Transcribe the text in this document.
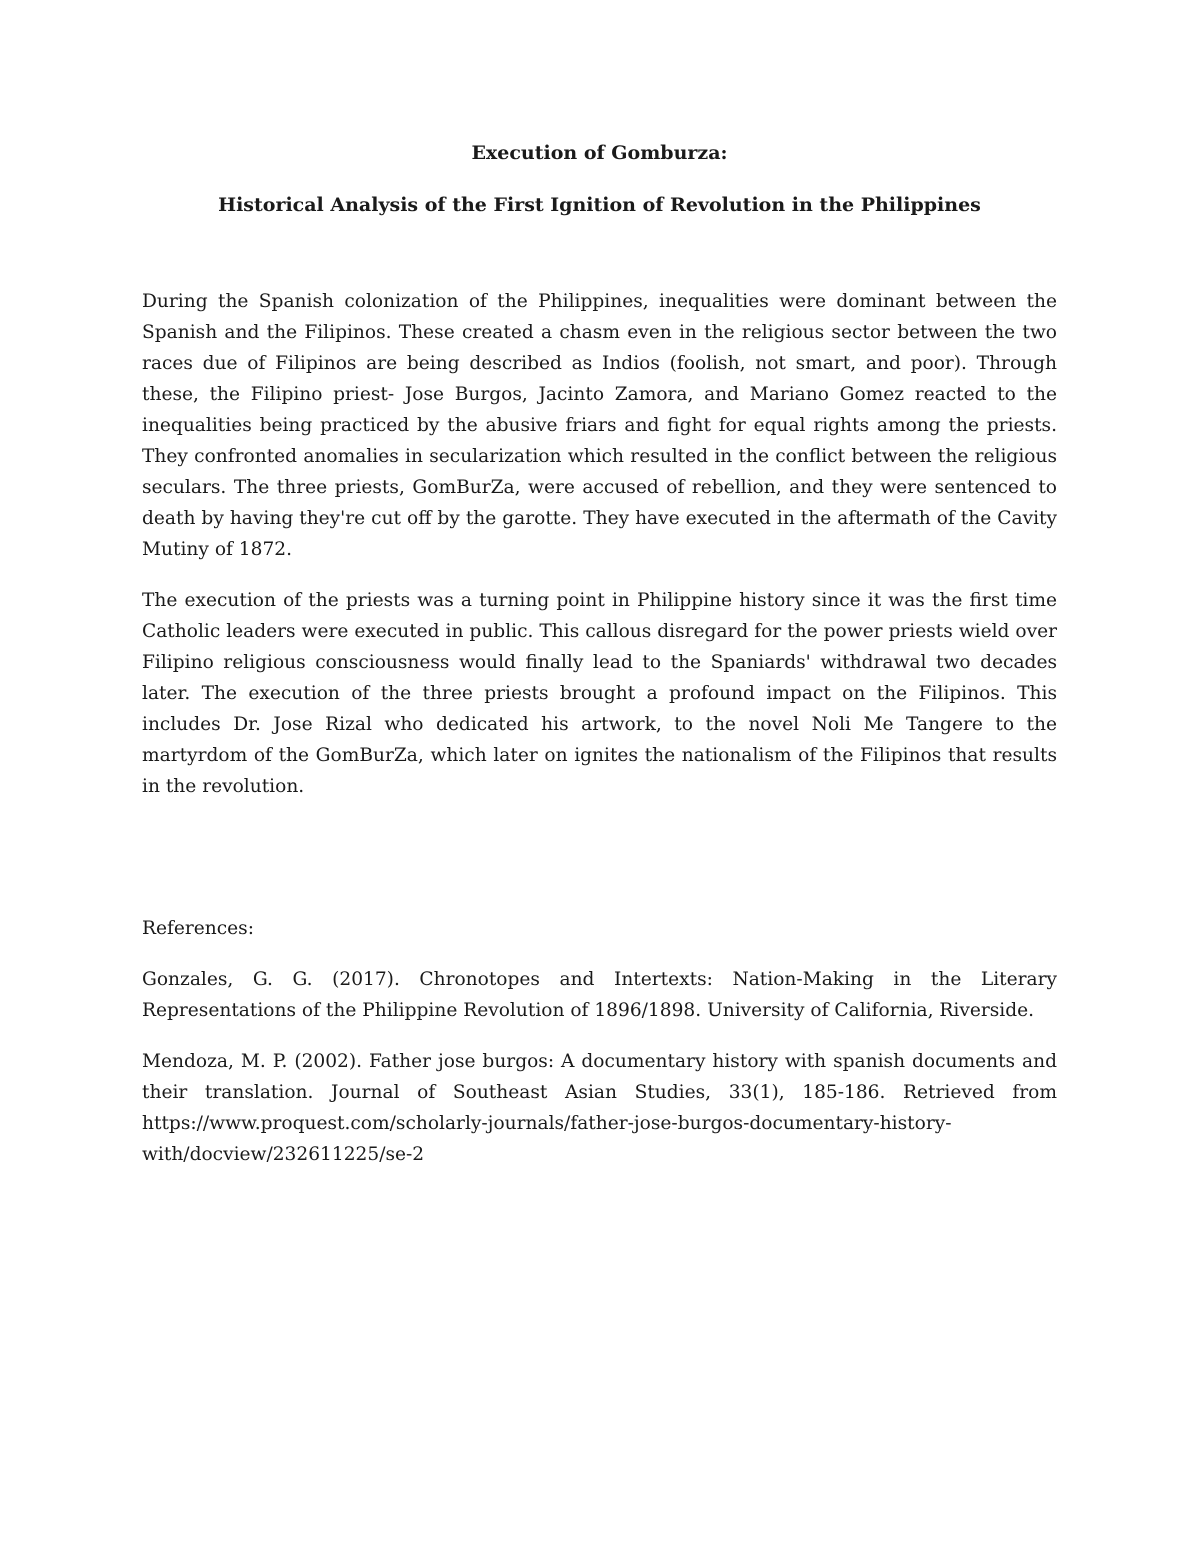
Execution of Gomburza:
Historical Analysis of the First Ignition of Revolution in the Philippines

During the Spanish colonization of the Philippines, inequalities were dominant between the Spanish and the Filipinos. These created a chasm even in the religious sector between the two races due of Filipinos are being described as Indios (foolish, not smart, and poor). Through these, the Filipino priest- Jose Burgos, Jacinto Zamora, and Mariano Gomez reacted to the inequalities being practiced by the abusive friars and fight for equal rights among the priests. They confronted anomalies in secularization which resulted in the conflict between the religious seculars. The three priests, GomBurZa, were accused of rebellion, and they were sentenced to death by having they're cut off by the garotte. They have executed in the aftermath of the Cavity Mutiny of 1872.

The execution of the priests was a turning point in Philippine history since it was the first time Catholic leaders were executed in public. This callous disregard for the power priests wield over Filipino religious consciousness would finally lead to the Spaniards' withdrawal two decades later. The execution of the three priests brought a profound impact on the Filipinos. This includes Dr. Jose Rizal who dedicated his artwork, to the novel Noli Me Tangere to the martyrdom of the GomBurZa, which later on ignites the nationalism of the Filipinos that results in the revolution.

References:

Gonzales, G. G. (2017). Chronotopes and Intertexts: Nation-Making in the Literary Representations of the Philippine Revolution of 1896/1898. University of California, Riverside.

Mendoza, M. P. (2002). Father jose burgos: A documentary history with spanish documents and their translation. Journal of Southeast Asian Studies, 33(1), 185-186. Retrieved from https://www.proquest.com/scholarly-journals/father-jose-burgos-documentary-history-with/docview/232611225/se-2
